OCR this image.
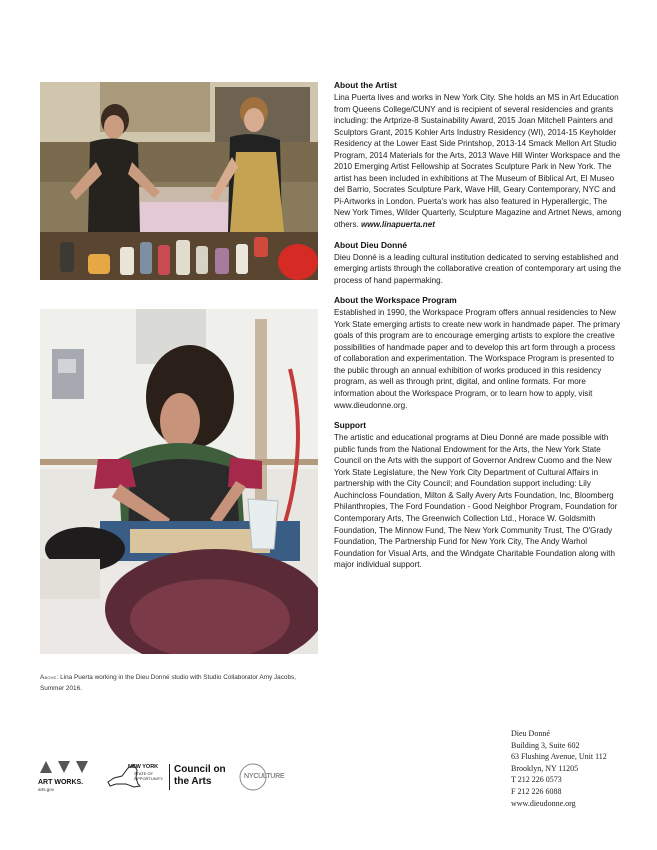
Above: Lina Puerta working in the Dieu Donné studio with Studio Collaborator Amy Jacobs, Summer 2016.
About the Artist

Lina Puerta lives and works in New York City. She holds an MS in Art Education from Queens College/CUNY and is recipient of several residencies and grants including: the Artprize-8 Sustainability Award, 2015 Joan Mitchell Painters and Sculptors Grant, 2015 Kohler Arts Industry Residency (WI), 2014-15 Keyholder Residency at the Lower East Side Printshop, 2013-14 Smack Mellon Art Studio Program, 2014 Materials for the Arts, 2013 Wave Hill Winter Workspace and the 2010 Emerging Artist Fellowship at Socrates Sculpture Park in New York. The artist has been included in exhibitions at The Museum of Biblical Art, El Museo del Barrio, Socrates Sculpture Park, Wave Hill, Geary Contemporary, NYC and Pi-Artworks in London. Puerta's work has also featured in Hyperallergic, The New York Times, Wilder Quarterly, Sculpture Magazine and Artnet News, among others. www.linapuerta.net

About Dieu Donné

Dieu Donné is a leading cultural institution dedicated to serving established and emerging artists through the collaborative creation of contemporary art using the process of hand papermaking.

About the Workspace Program

Established in 1990, the Workspace Program offers annual residencies to New York State emerging artists to create new work in handmade paper. The primary goals of this program are to encourage emerging artists to explore the creative possibilities of handmade paper and to develop this art form through a process of collaboration and experimentation. The Workspace Program is presented to the public through an annual exhibition of works produced in this residency program, as well as through print, digital, and online formats. For more information about the Workspace Program, or to learn how to apply, visit www.dieudonne.org.

Support

The artistic and educational programs at Dieu Donné are made possible with public funds from the National Endowment for the Arts, the New York State Council on the Arts with the support of Governor Andrew Cuomo and the New York State Legislature, the New York City Department of Cultural Affairs in partnership with the City Council; and Foundation support including: Lily Auchincloss Foundation, Milton & Sally Avery Arts Foundation, Inc, Bloomberg Philanthropies, The Ford Foundation - Good Neighbor Program, Foundation for Contemporary Arts, The Greenwich Collection Ltd., Horace W. Goldsmith Foundation, The Minnow Fund, The New York Community Trust, The O'Grady Foundation, The Partnership Fund for New York City, The Andy Warhol Foundation for Visual Arts, and the Windgate Charitable Foundation along with major individual support.

Dieu Donné
Building 3, Suite 602
63 Flushing Avenue, Unit 112
Brooklyn, NY 11205
T 212 226 0573
F 212 226 6088
www.dieudonne.org
ART WORKS.
arts.gov
NEW YORK
STATE OF
OPPORTUNITY.
Council on
the Arts	NYCULTURE
